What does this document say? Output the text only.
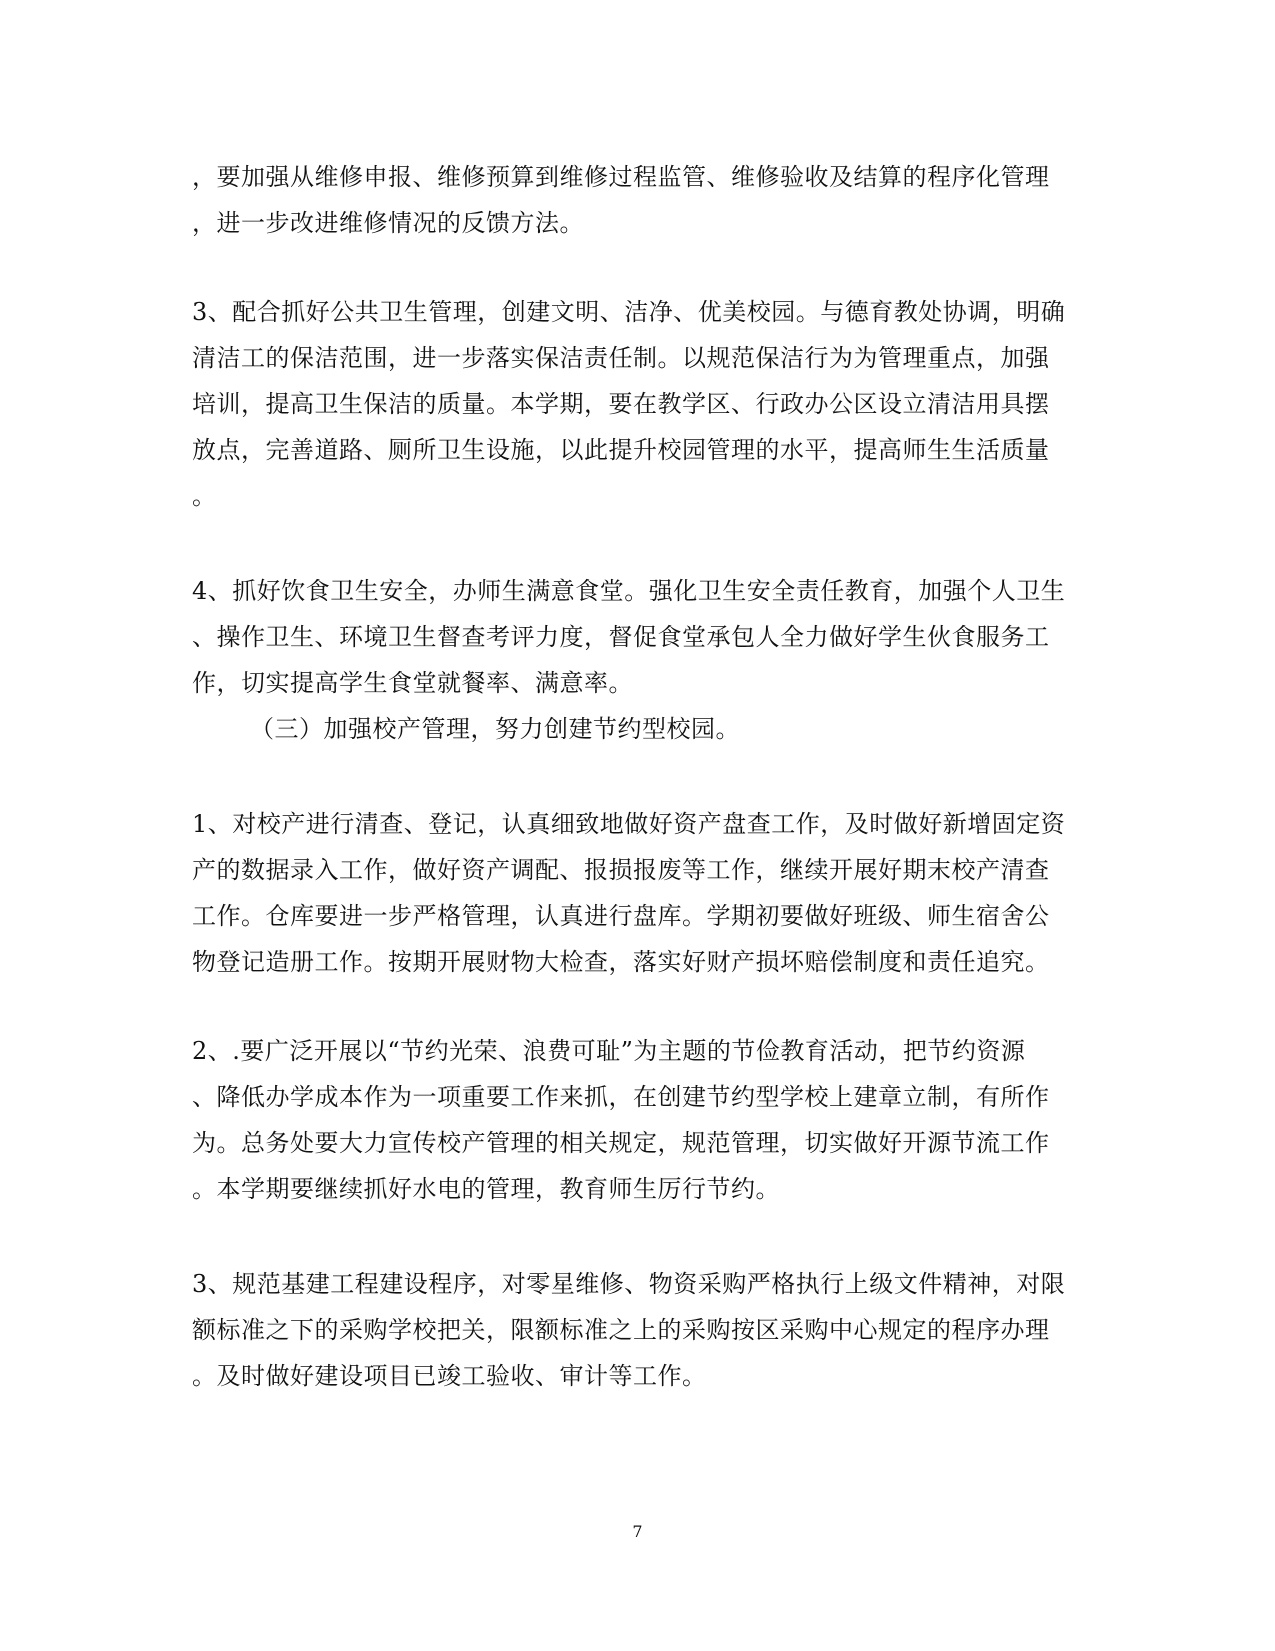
，要加强从维修申报、维修预算到维修过程监管、维修验收及结算的程序化管理
，进一步改进维修情况的反馈方法。
3、配合抓好公共卫生管理，创建文明、洁净、优美校园。与德育教处协调，明确
清洁工的保洁范围，进一步落实保洁责任制。以规范保洁行为为管理重点，加强
培训，提高卫生保洁的质量。本学期，要在教学区、行政办公区设立清洁用具摆
放点，完善道路、厕所卫生设施，以此提升校园管理的水平，提高师生生活质量
。
4、抓好饮食卫生安全，办师生满意食堂。强化卫生安全责任教育，加强个人卫生
、操作卫生、环境卫生督查考评力度，督促食堂承包人全力做好学生伙食服务工
作，切实提高学生食堂就餐率、满意率。
（三）加强校产管理，努力创建节约型校园。
1、对校产进行清查、登记，认真细致地做好资产盘查工作，及时做好新增固定资
产的数据录入工作，做好资产调配、报损报废等工作，继续开展好期末校产清查
工作。仓库要进一步严格管理，认真进行盘库。学期初要做好班级、师生宿舍公
物登记造册工作。按期开展财物大检查，落实好财产损坏赔偿制度和责任追究。
2、.要广泛开展以“节约光荣、浪费可耻”为主题的节俭教育活动，把节约资源
、降低办学成本作为一项重要工作来抓，在创建节约型学校上建章立制，有所作
为。总务处要大力宣传校产管理的相关规定，规范管理，切实做好开源节流工作
。本学期要继续抓好水电的管理，教育师生厉行节约。
3、规范基建工程建设程序，对零星维修、物资采购严格执行上级文件精神，对限
额标准之下的采购学校把关，限额标准之上的采购按区采购中心规定的程序办理
。及时做好建设项目已竣工验收、审计等工作。
7
